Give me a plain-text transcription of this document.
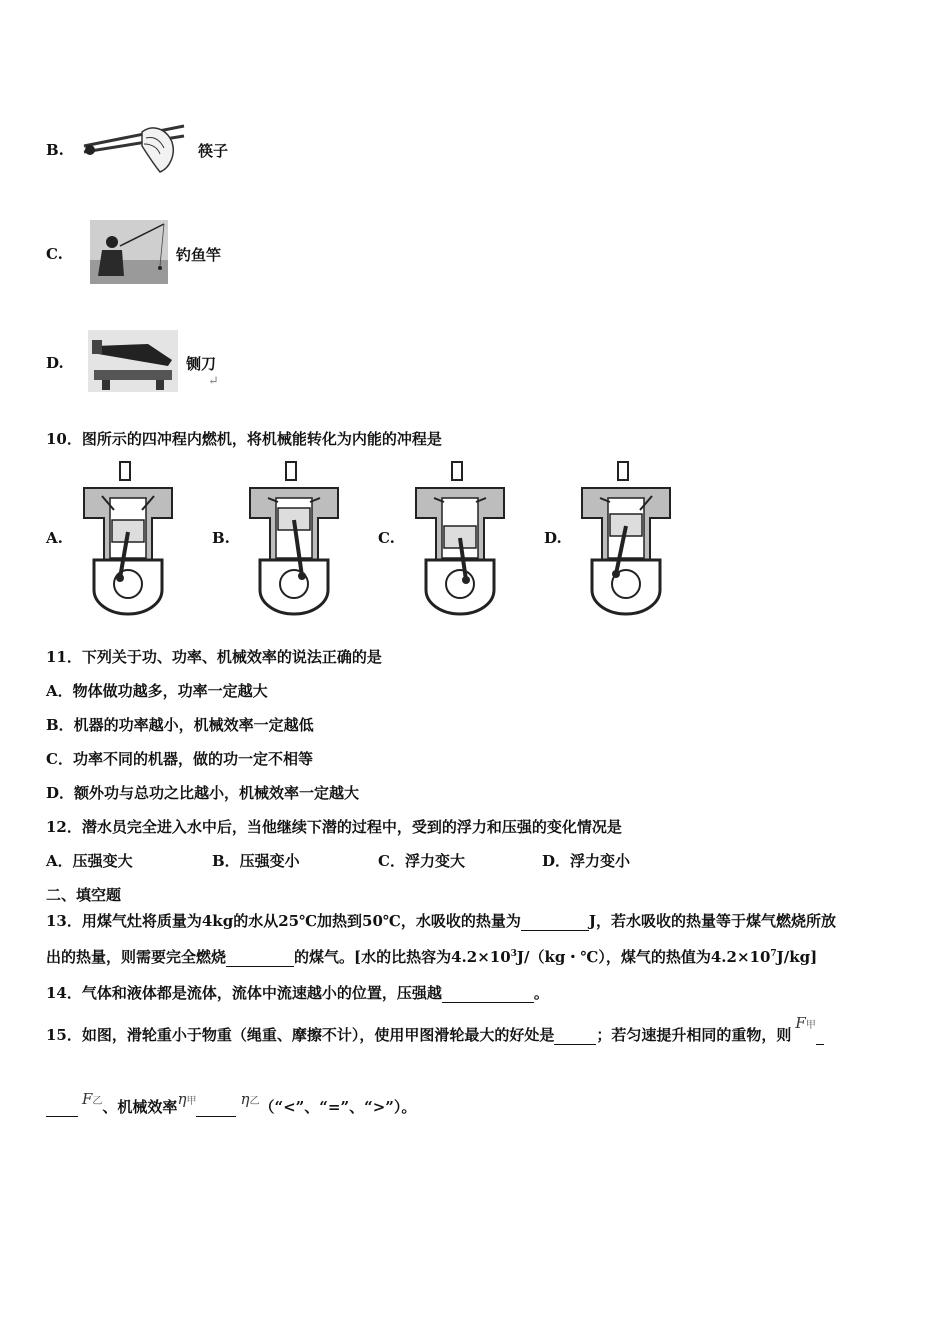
B.	筷子
C.	钓鱼竿
D.	铡刀
↵
10．图所示的四冲程内燃机，将机械能转化为内能的冲程是
A.	B.	C.	D.
11．下列关于功、功率、机械效率的说法正确的是
A．物体做功越多，功率一定越大
B．机器的功率越小，机械效率一定越低
C．功率不同的机器，做的功一定不相等
D．额外功与总功之比越小，机械效率一定越大
12．潜水员完全进入水中后，当他继续下潜的过程中，受到的浮力和压强的变化情况是
A．压强变大	B．压强变小	C．浮力变大	D．浮力变小
二、填空题
13．用煤气灶将质量为4kg的水从25℃加热到50℃，水吸收的热量为	J，若水吸收的热量等于煤气燃烧所放
出的热量，则需要完全燃烧	的煤气。[水的比热容为$4.2\times 10^3J/(kg$・℃），煤气的热值为$4.2\times 10^7J/kg$]
14．气体和液体都是流体，流体中流速越小的位置，压强越	。
15．如图，滑轮重小于物重（绳重、摩擦不计），使用甲图滑轮最大的好处是	；若匀速提升相同的重物，则F甲
F乙、机械效率η甲	η乙（“<”、“=”、“>”）。
